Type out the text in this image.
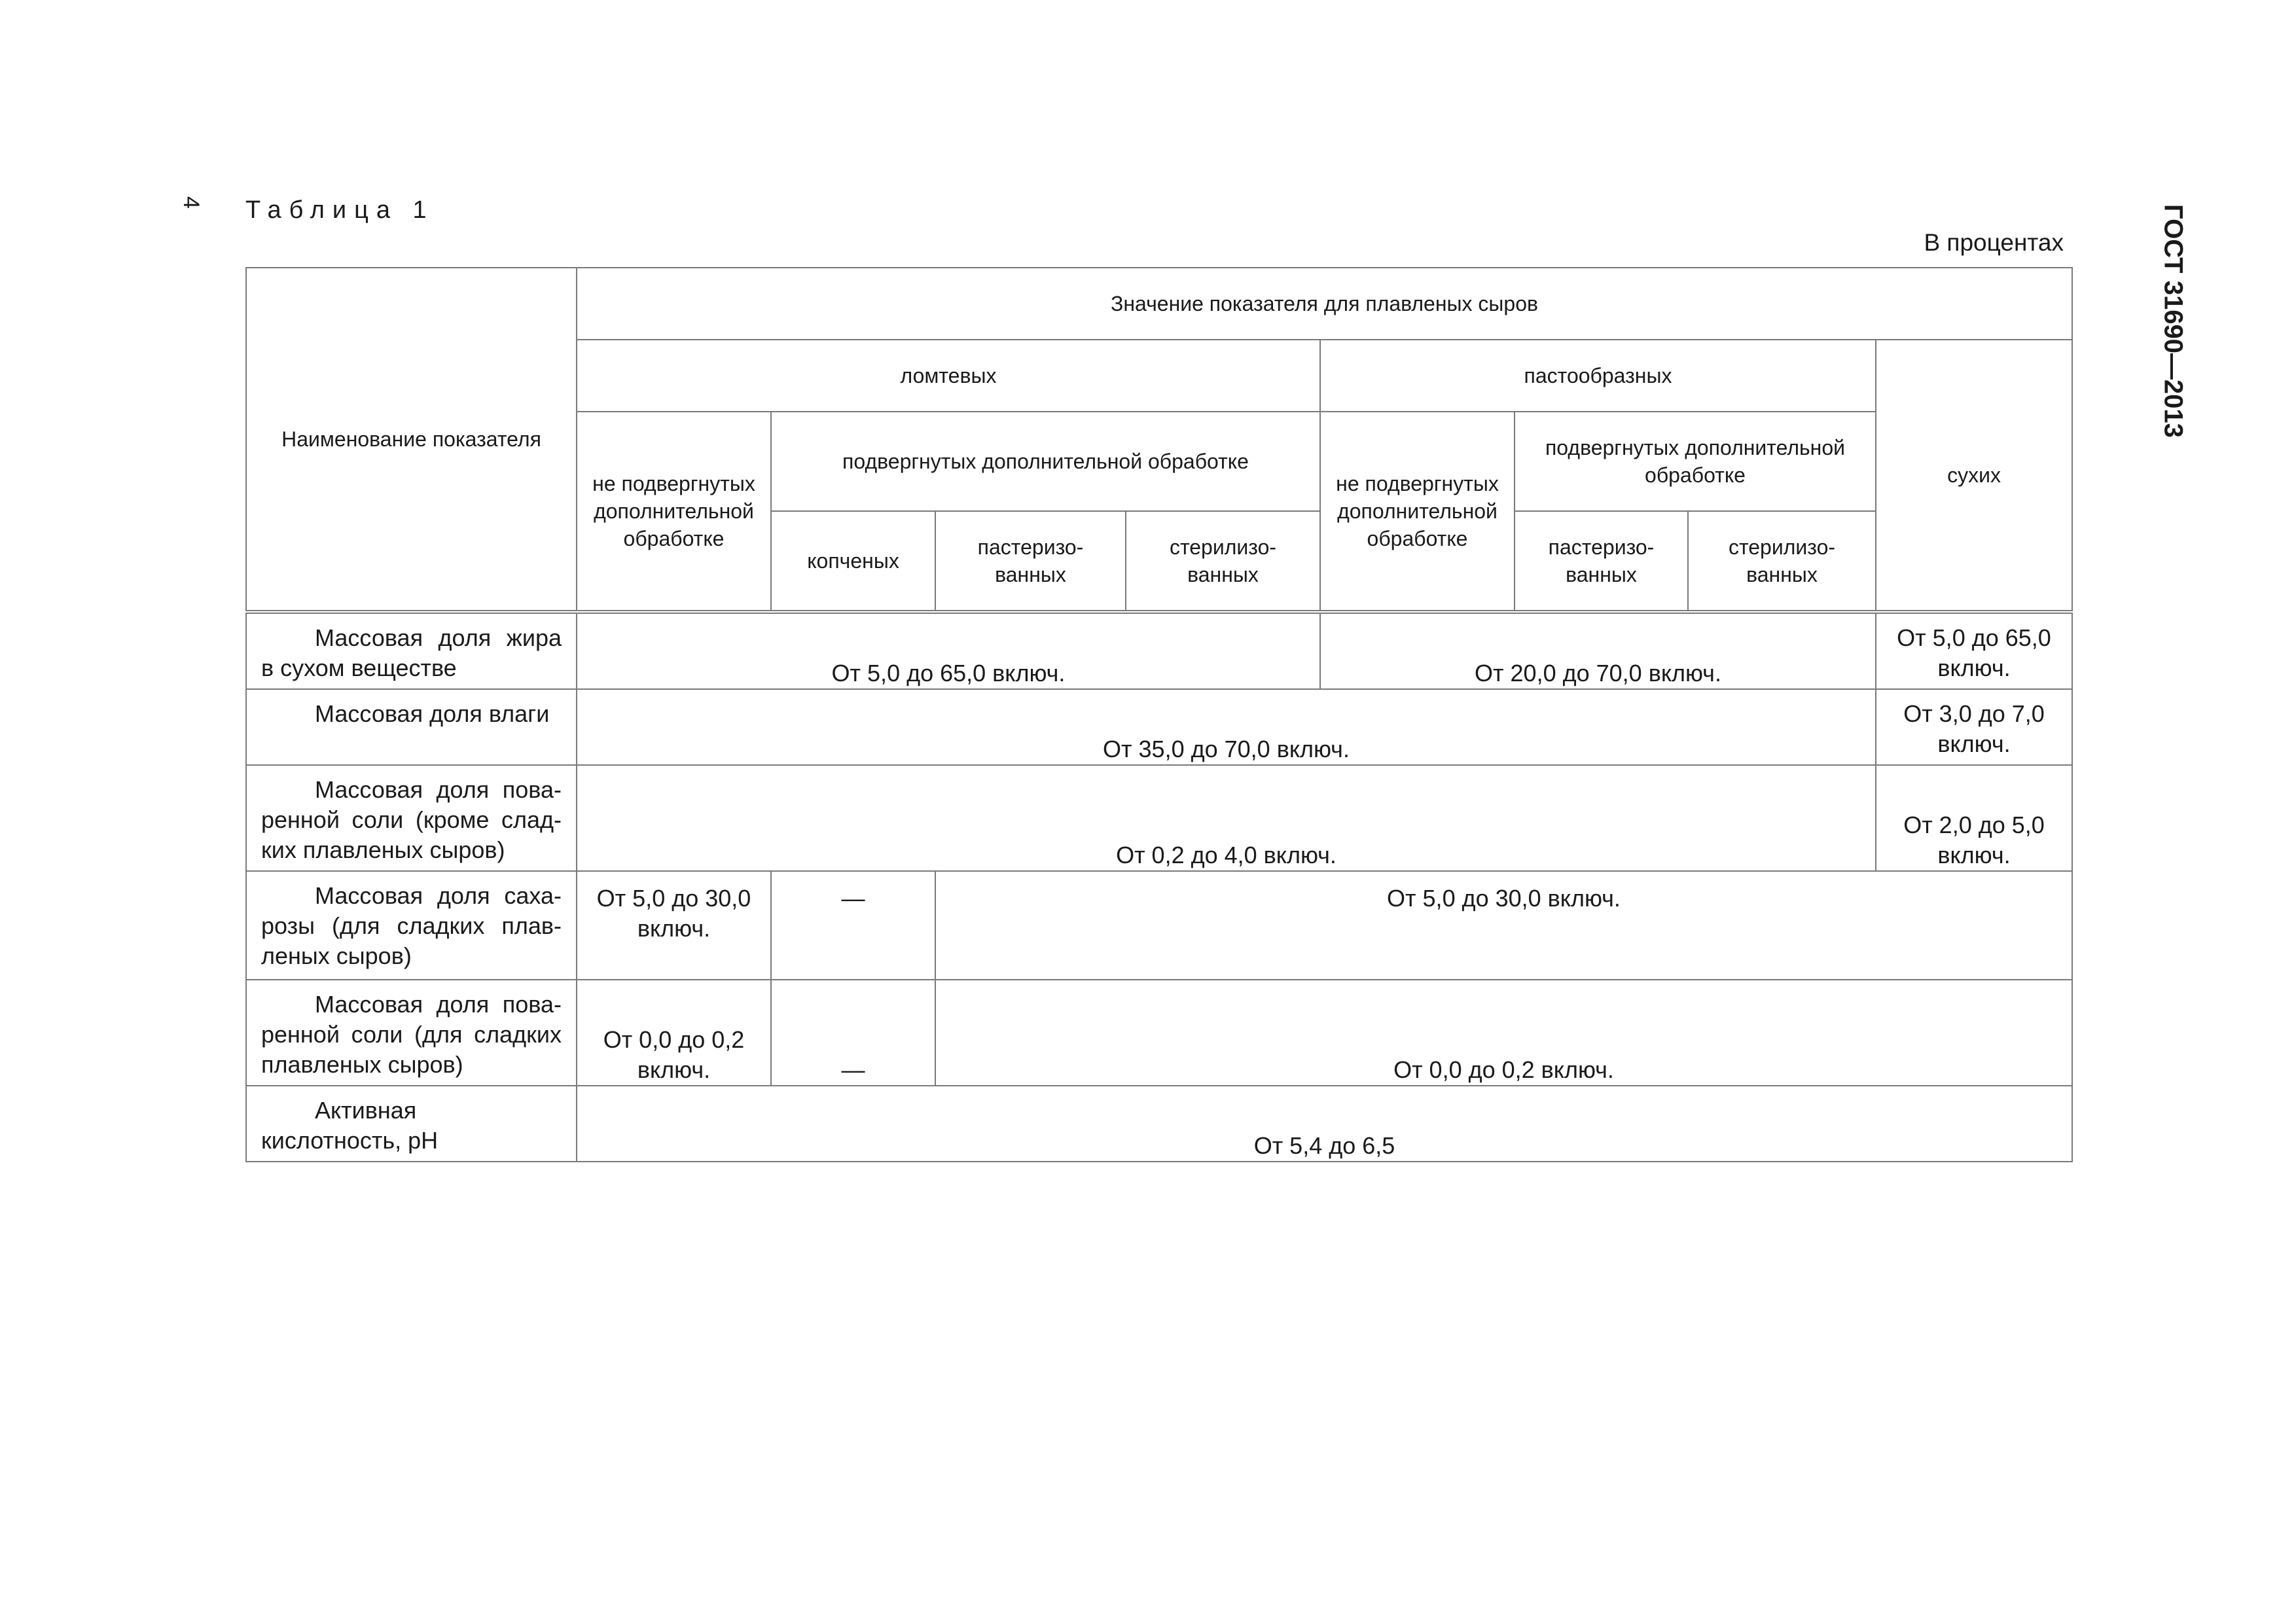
4 Таблица 1
В процентах	ГОСТ 31690—2013
Наименование показателя	Значение показателя для плавленых сыров							
	ломтевых				пастообразных			сухих
	не подвергнутых дополнительной обработке	подвергнутых дополнительной обработке			не подвергнутых дополнительной обработке	подвергнутых дополнительной обработке		
		копченых	пастеризо-ванных	стерилизо-ванных		пастеризо-ванных	стерилизо-ванных	
Массовая доля жира в сухом веществе	От 5,0 до 65,0 включ.				От 20,0 до 70,0 включ.			От 5,0 до 65,0 включ.
Массовая доля влаги	От 35,0 до 70,0 включ.							От 3,0 до 7,0 включ.
Массовая доля поваренной соли (кроме сладких плавленых сыров)	От 0,2 до 4,0 включ.							От 2,0 до 5,0 включ.
Массовая доля сахарозы (для сладких плавленых сыров)	От 5,0 до 30,0 включ.	—	От 5,0 до 30,0 включ.					
Массовая доля поваренной соли (для сладких плавленых сыров)	От 0,0 до 0,2 включ.	—	От 0,0 до 0,2 включ.					
Активная кислотность, pH	От 5,4 до 6,5							
